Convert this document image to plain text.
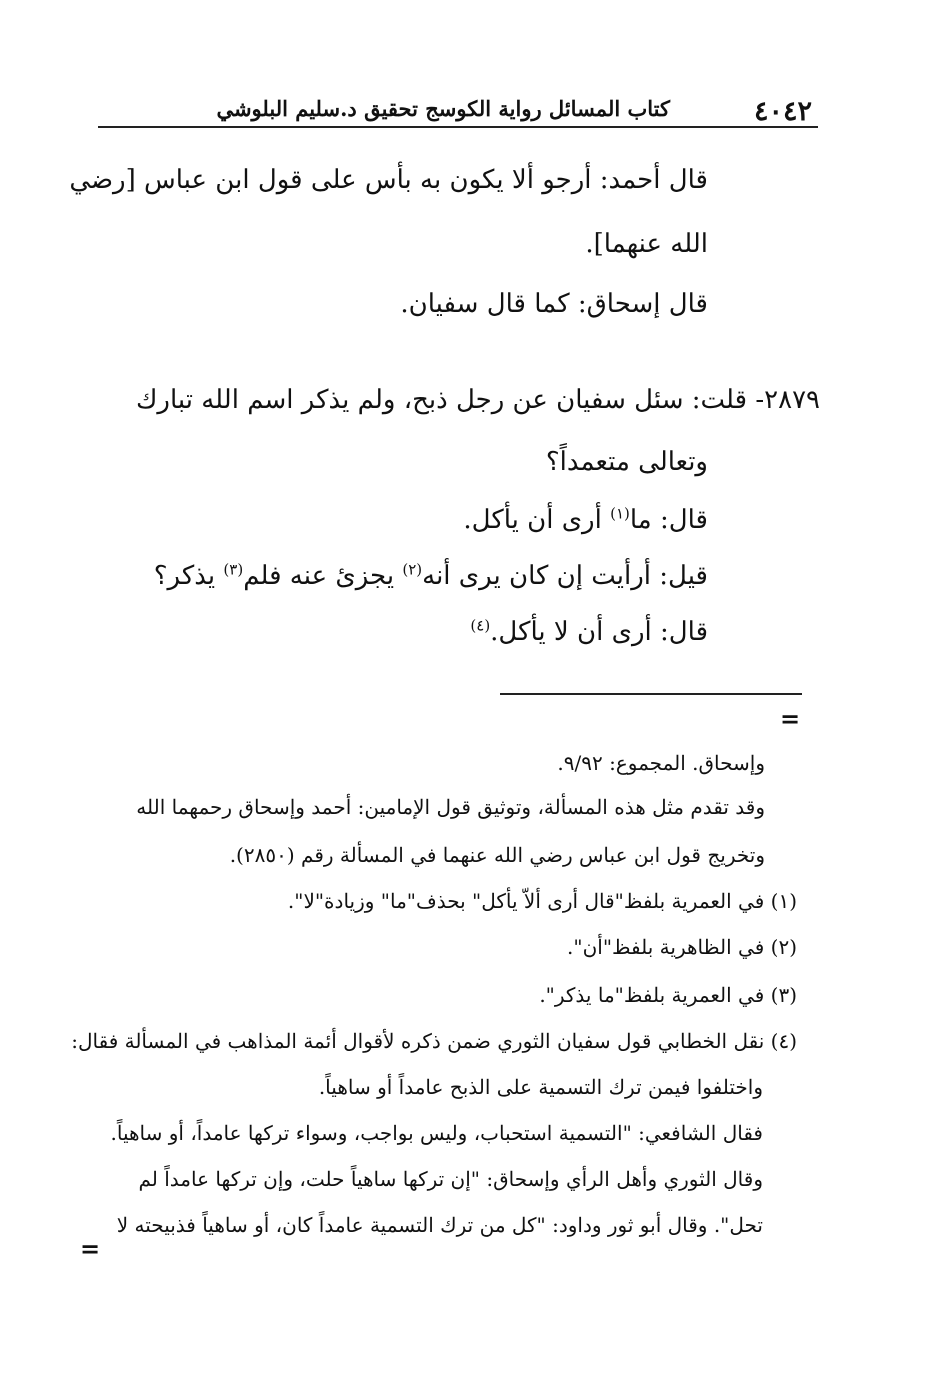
٤٠٤٢
كتاب المسائل رواية الكوسج تحقيق د.سليم البلوشي
قال أحمد: أرجو ألا يكون به بأس على قول ابن عباس [رضي
الله عنهما].
قال إسحاق: كما قال سفيان.
٢٨٧٩- قلت: سئل سفيان عن رجل ذبح، ولم يذكر اسم الله تبارك
وتعالى متعمداً؟
قال: ما$^{(١)}$ أرى أن يأكل.
قيل: أرأيت إن كان يرى أنه$^{(٢)}$ يجزئ عنه فلم$^{(٣)}$ يذكر؟
قال: أرى أن لا يأكل.$^{(٤)}$
=
وإسحاق. المجموع: ٩/٩٢.
وقد تقدم مثل هذه المسألة، وتوثيق قول الإمامين: أحمد وإسحاق رحمهما الله
وتخريج قول ابن عباس رضي الله عنهما في المسألة رقم (٢٨٥٠).
(١) في العمرية بلفظ"قال أرى ألاّ يأكل" بحذف"ما" وزيادة"لا".
(٢) في الظاهرية بلفظ"أن".
(٣) في العمرية بلفظ"ما يذكر".
(٤) نقل الخطابي قول سفيان الثوري ضمن ذكره لأقوال أئمة المذاهب في المسألة فقال:
واختلفوا فيمن ترك التسمية على الذبح عامداً أو ساهياً.
فقال الشافعي: "التسمية استحباب، وليس بواجب، وسواء تركها عامداً، أو ساهياً.
وقال الثوري وأهل الرأي وإسحاق: "إن تركها ساهياً حلت، وإن تركها عامداً لم
تحل". وقال أبو ثور وداود: "كل من ترك التسمية عامداً كان، أو ساهياً فذبيحته لا
=
